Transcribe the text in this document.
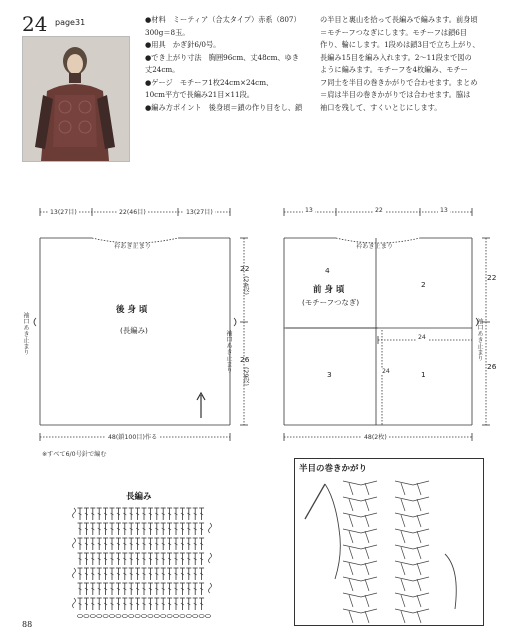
24 page31	●材料　ミーティア（合太タイプ）赤系（807）
300g＝8玉。
●用具　かぎ針6/0号。
●でき上がり寸法　胸囲96cm、丈48cm、ゆき
丈24cm。
●ゲージ　モチーフ1枚24cm×24cm、
10cm平方で長編み21目×11段。
●編み方ポイント　後身頃＝鎖の作り目をし、鎖
の半目と裏山を拾って長編みで編みます。前身頃
＝モチーフつなぎにします。モチーフは鎖6目
作り、輪にします。1段めは鎖3目で立ち上がり、
長編み15目を編み入れます。2～11段まで図の
ように編みます。モチーフを4枚編み、モチー
フ同士を半目の巻きかがりで合わせます。まとめ
＝肩は半目の巻きかがりでは合わせます。脇は
袖口を残して、すくいとじにします。
13(27目)	22(46目)	13(27目)
衿あき止まり
後 身 頃
(長編み)
22
(24段)
26
(29段)
袖口あき止まり	袖口あき止まり
48(鎖100目)作る
※すべて6/0号針で編む
13	22	13
衿あき止まり
4
前 身 頃
(モチーフつなぎ)
2
3	1
24
24
22
26
袖口あき止まり
48(2枚)
長編み
半目の巻きかがり
88
